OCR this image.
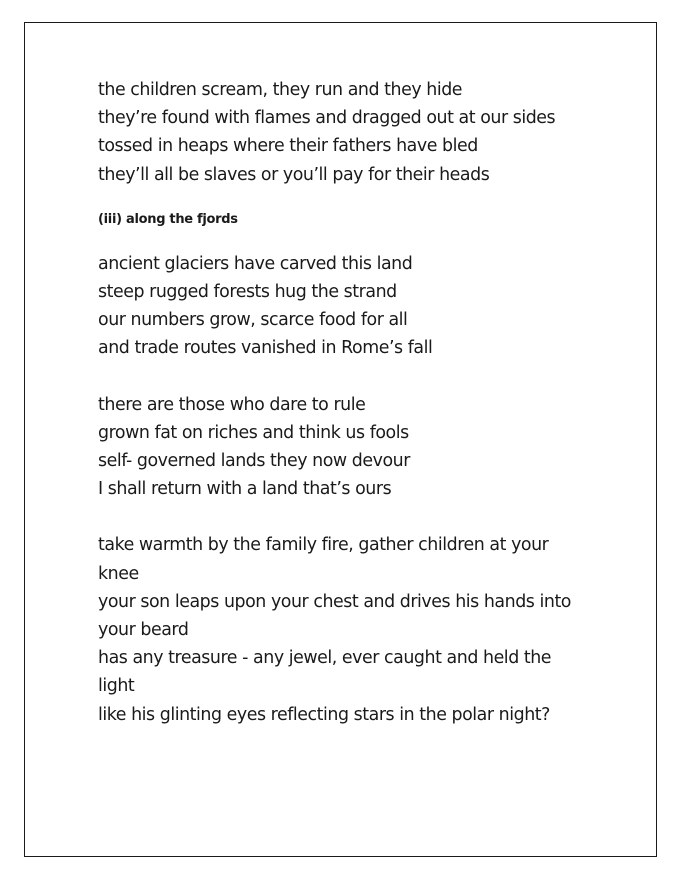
the children scream, they run and they hide
they’re found with flames and dragged out at our sides
tossed in heaps where their fathers have bled
they’ll all be slaves or you’ll pay for their heads
(iii) along the fjords
ancient glaciers have carved this land
steep rugged forests hug the strand
our numbers grow, scarce food for all
and trade routes vanished in Rome’s fall
there are those who dare to rule
grown fat on riches and think us fools
self- governed lands they now devour
I shall return with a land that’s ours
take warmth by the family fire, gather children at your
knee
your son leaps upon your chest and drives his hands into
your beard
has any treasure - any jewel, ever caught and held the
light
like his glinting eyes reflecting stars in the polar night?
